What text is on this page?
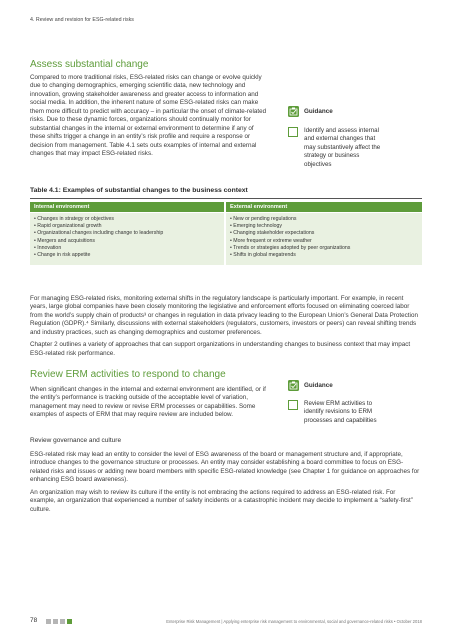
4. Review and revision for ESG-related risks
Assess substantial change

Compared to more traditional risks, ESG-related risks can change or evolve quickly due to changing demographics, emerging scientific data, new technology and innovation, growing stakeholder awareness and greater access to information and social media. In addition, the inherent nature of some ESG-related risks can make them more difficult to predict with accuracy – in particular the onset of climate-related risks. Due to these dynamic forces, organizations should continually monitor for substantial changes in the internal or external environment to determine if any of these shifts trigger a change in an entity’s risk profile and require a response or decision from management. Table 4.1 sets outs examples of internal and external changes that may impact ESG-related risks.

Guidance
Identify and assess internal and external changes that may substantively affect the strategy or business objectives
Table 4.1: Examples of substantial changes to the business context
Internal environment	External environment
• Changes in strategy or objectives
• Rapid organizational growth
• Organizational changes including change to leadership
• Mergers and acquisitions
• Innovation
• Change in risk appetite
• New or pending regulations
• Emerging technology
• Changing stakeholder expectations
• More frequent or extreme weather
• Trends or strategies adopted by peer organizations
• Shifts in global megatrends

For managing ESG-related risks, monitoring external shifts in the regulatory landscape is particularly important. For example, in recent years, large global companies have been closely monitoring the legislative and enforcement efforts focused on eliminating coerced labor from the world’s supply chain of products³ or changes in regulation in data privacy leading to the European Union’s General Data Protection Regulation (GDPR).⁴ Similarly, discussions with external stakeholders (regulators, customers, investors or peers) can reveal shifting trends and industry practices, such as changing demographics and customer preferences.

Chapter 2 outlines a variety of approaches that can support organizations in understanding changes to business context that may impact ESG-related risk performance.

Review ERM activities to respond to change

When significant changes in the internal and external environment are identified, or if the entity’s performance is tracking outside of the acceptable level of variation, management may need to review or revise ERM processes or capabilities. Some examples of aspects of ERM that may require review are included below.

Guidance
Review ERM activities to identify revisions to ERM processes and capabilities
Review governance and culture

ESG-related risk may lead an entity to consider the level of ESG awareness of the board or management structure and, if appropriate, introduce changes to the governance structure or processes. An entity may consider establishing a board committee to focus on ESG-related risks and issues or adding new board members with specific ESG-related knowledge (see Chapter 1 for guidance on approaches for enhancing ESG board awareness).

An organization may wish to review its culture if the entity is not embracing the actions required to address an ESG-related risk. For example, an organization that experienced a number of safety incidents or a catastrophic incident may decide to implement a “safety-first” culture.

78	Enterprise Risk Management | Applying enterprise risk management to environmental, social and governance-related risks • October 2018
